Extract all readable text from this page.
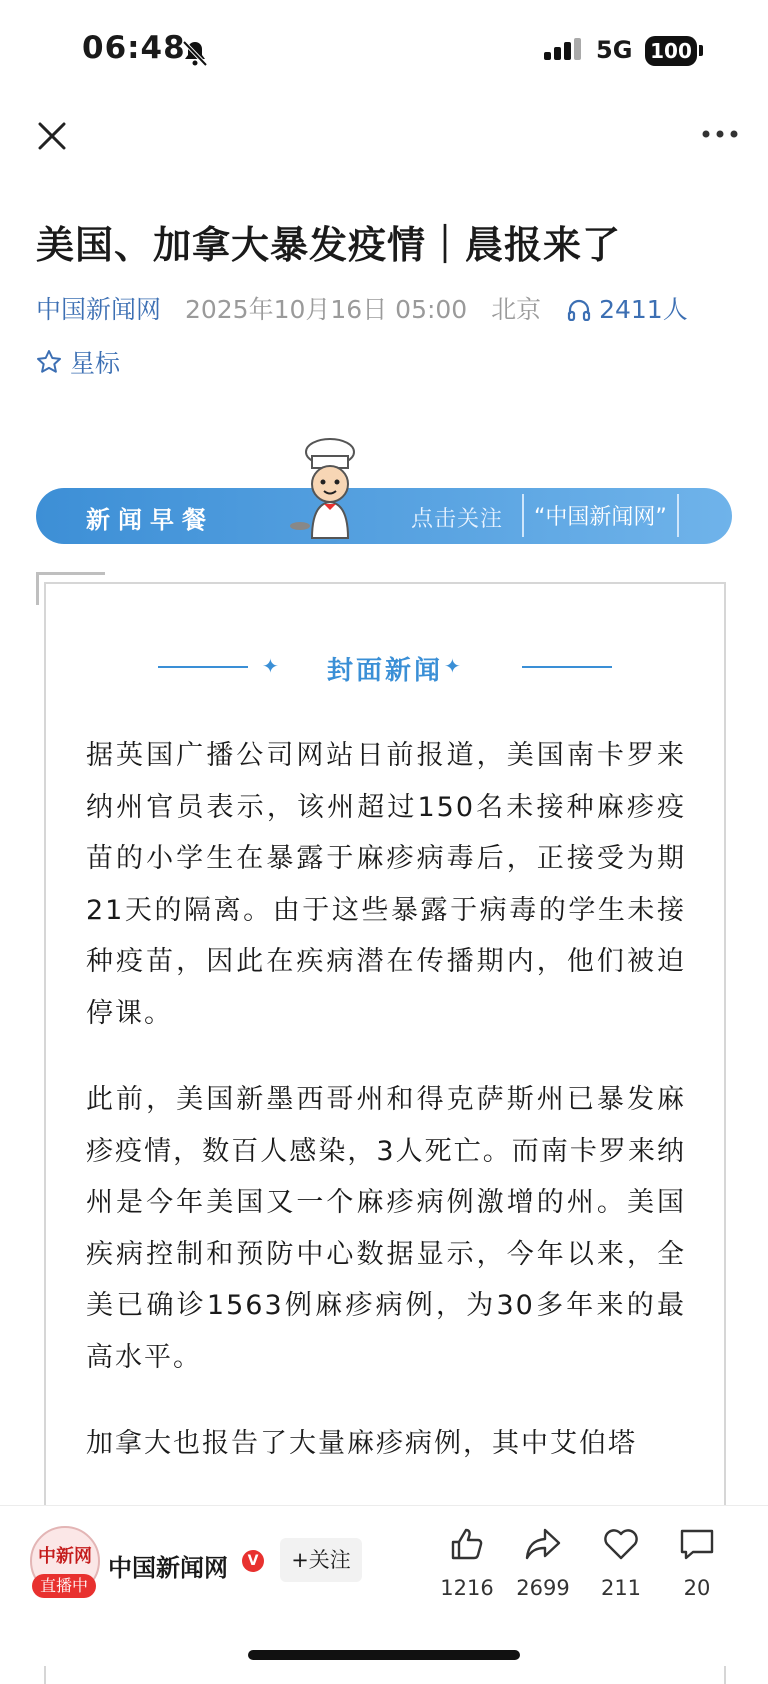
06:48	5G 100
美国、加拿大暴发疫情｜晨报来了
中国新闻网 2025年10月16日 05:00 北京 2411人
星标
新闻早餐	点击关注	“中国新闻网”
✦ 封面新闻 ✦
据英国广播公司网站日前报道，美国南卡罗来纳州官员表示，该州超过150名未接种麻疹疫苗的小学生在暴露于麻疹病毒后，正接受为期21天的隔离。由于这些暴露于病毒的学生未接种疫苗，因此在疾病潜在传播期内，他们被迫停课。
此前，美国新墨西哥州和得克萨斯州已暴发麻疹疫情，数百人感染，3人死亡。而南卡罗来纳州是今年美国又一个麻疹病例激增的州。美国疾病控制和预防中心数据显示，今年以来，全美已确诊1563例麻疹病例，为30多年来的最高水平。
加拿大也报告了大量麻疹病例，其中艾伯塔
中新网
直播中
中国新闻网	V	+关注
1216	2699	211	20
